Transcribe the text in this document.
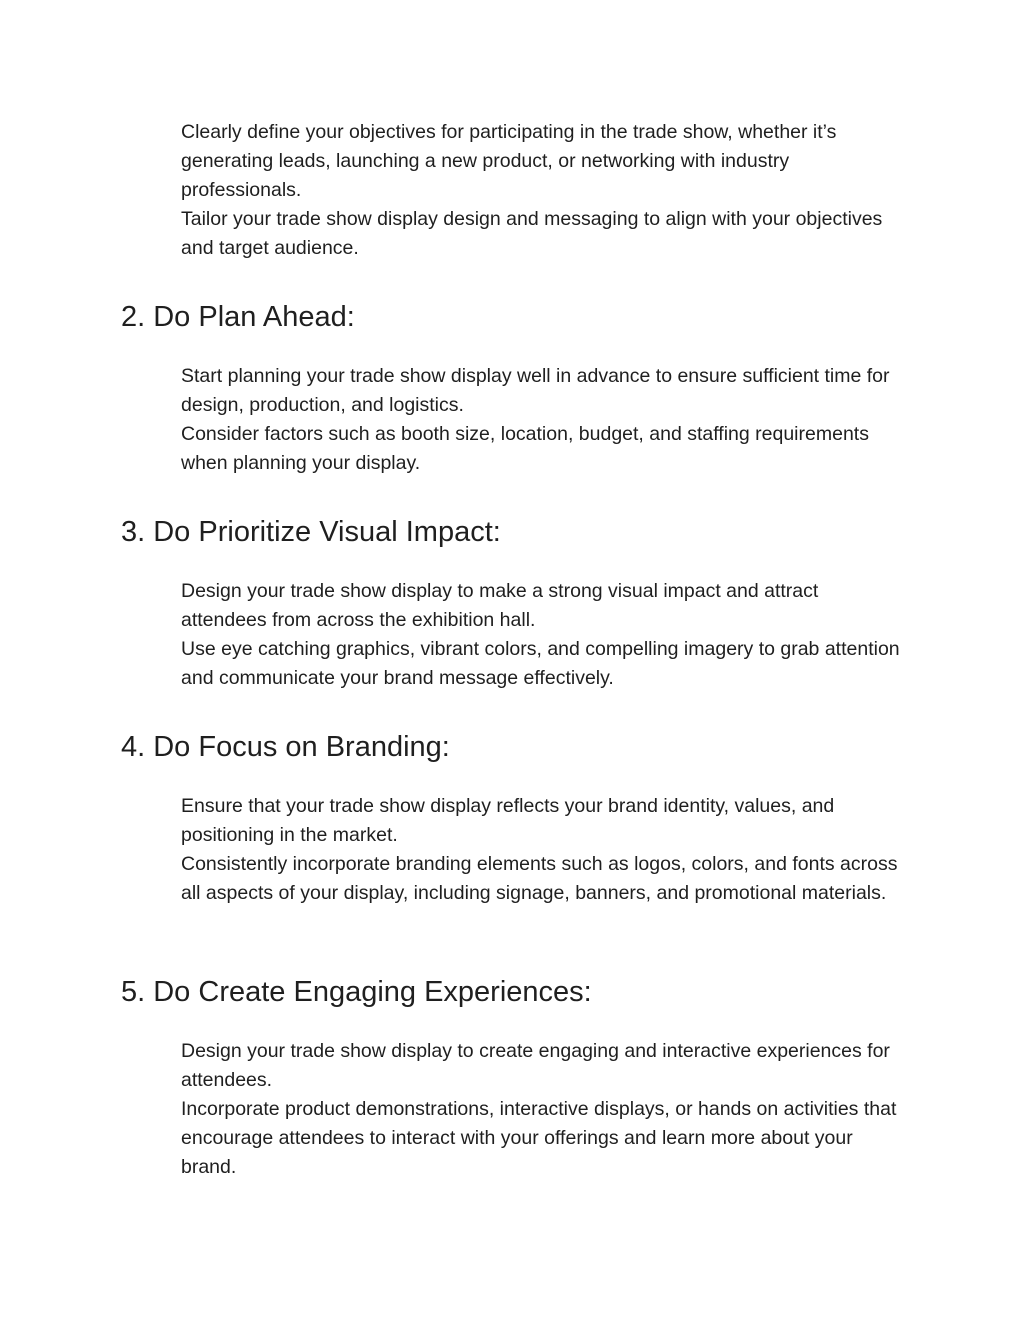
Clearly define your objectives for participating in the trade show, whether it’s generating leads, launching a new product, or networking with industry professionals.

Tailor your trade show display design and messaging to align with your objectives and target audience.

2. Do Plan Ahead:

Start planning your trade show display well in advance to ensure sufficient time for design, production, and logistics.

Consider factors such as booth size, location, budget, and staffing requirements when planning your display.

3. Do Prioritize Visual Impact:

Design your trade show display to make a strong visual impact and attract attendees from across the exhibition hall.

Use eye catching graphics, vibrant colors, and compelling imagery to grab attention and communicate your brand message effectively.

4. Do Focus on Branding:

Ensure that your trade show display reflects your brand identity, values, and positioning in the market.

Consistently incorporate branding elements such as logos, colors, and fonts across all aspects of your display, including signage, banners, and promotional materials.

5. Do Create Engaging Experiences:

Design your trade show display to create engaging and interactive experiences for attendees.

Incorporate product demonstrations, interactive displays, or hands on activities that encourage attendees to interact with your offerings and learn more about your brand.
